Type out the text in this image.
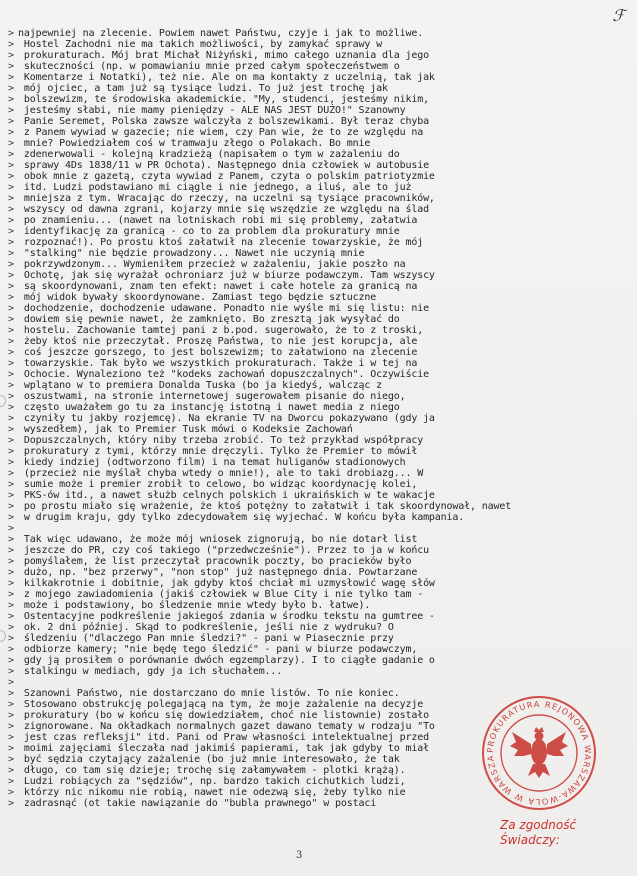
ℱ
> najpewniej na zlecenie. Powiem nawet Państwu, czyje i jak to możliwe.
> Hostel Zachodni nie ma takich możliwości, by zamykać sprawy w
> prokuraturach. Mój brat Michał Niżyński, mimo całego uznania dla jego
> skuteczności (np. w pomawianiu mnie przed całym społeczeństwem o
> Komentarze i Notatki), też nie. Ale on ma kontakty z uczelnią, tak jak
> mój ojciec, a tam już są tysiące ludzi. To już jest trochę jak
> bolszewizm, te środowiska akademickie. "My, studenci, jesteśmy nikim,
> jesteśmy słabi, nie mamy pieniędzy - ALE NAS JEST DUŻO!" Szanowny
> Panie Seremet, Polska zawsze walczyła z bolszewikami. Był teraz chyba
> z Panem wywiad w gazecie; nie wiem, czy Pan wie, że to ze względu na
> mnie? Powiedziałem coś w tramwaju złego o Polakach. Bo mnie
> zdenerwowali - kolejną kradzieżą (napisałem o tym w zażaleniu do
> sprawy 4Ds 1838/11 w PR Ochota). Następnego dnia człowiek w autobusie
> obok mnie z gazetą, czyta wywiad z Panem, czyta o polskim patriotyzmie
> itd. Ludzi podstawiano mi ciągle i nie jednego, a iluś, ale to już
> mniejsza z tym. Wracając do rzeczy, na uczelni są tysiące pracowników,
> wszyscy od dawna zgrani, kojarzy mnie się wszędzie ze względu na ślad
> po znamieniu... (nawet na lotniskach robi mi się problemy, załatwia
> identyfikację za granicą - co to za problem dla prokuratury mnie
> rozpoznać!). Po prostu ktoś załatwił na zlecenie towarzyskie, że mój
> "stalking" nie będzie prowadzony... Nawet nie uczynią mnie
> pokrzywdzonym... Wymieniłem przecież w zażaleniu, jakie poszło na
> Ochotę, jak się wyrażał ochroniarz już w biurze podawczym. Tam wszyscy
> są skoordynowani, znam ten efekt: nawet i całe hotele za granicą na
> mój widok bywały skoordynowane. Zamiast tego będzie sztuczne
> dochodzenie, dochodzenie udawane. Ponadto nie wyśle mi się listu: nie
> dowiem się pewnie nawet, że zamknięto. Bo zresztą jak wysyłać do
> hostelu. Zachowanie tamtej pani z b.pod. sugerowało, że to z troski,
> żeby ktoś nie przeczytał. Proszę Państwa, to nie jest korupcja, ale
> coś jeszcze gorszego, to jest bolszewizm; to załatwiono na zlecenie
> towarzyskie. Tak było we wszystkich prokuraturach. Także i w tej na
> Ochocie. Wynaleziono też "kodeks zachowań dopuszczalnych". Oczywiście
> wplątano w to premiera Donalda Tuska (bo ja kiedyś, walcząc z
> oszustwami, na stronie internetowej sugerowałem pisanie do niego,
> często uważałem go tu za instancję istotną i nawet media z niego
> czyniły tu jakby rozjemcę). Na ekranie TV na Dworcu pokazywano (gdy ja
> wyszedłem), jak to Premier Tusk mówi o Kodeksie Zachowań
> Dopuszczalnych, który niby trzeba zrobić. To też przykład współpracy
> prokuratury z tymi, którzy mnie dręczyli. Tylko że Premier to mówił
> kiedy indziej (odtworzono film) i na temat huliganów stadionowych
> (przecież nie myślał chyba wtedy o mnie!), ale to taki drobiazg... W
> sumie może i premier zrobił to celowo, bo widząc koordynację kolei,
> PKS-ów itd., a nawet służb celnych polskich i ukraińskich w te wakacje
> po prostu miało się wrażenie, że ktoś potężny to załatwił i tak skoordynował, nawet
> w drugim kraju, gdy tylko zdecydowałem się wyjechać. W końcu była kampania.
>
> Tak więc udawano, że może mój wniosek zignorują, bo nie dotarł list
> jeszcze do PR, czy coś takiego ("przedwcześnie"). Przez to ja w końcu
> pomyślałem, że list przeczytał pracownik poczty, bo pracieków było
> dużo, np. "bez przerwy", "non stop" już następnego dnia. Powtarzane
> kilkakrotnie i dobitnie, jak gdyby ktoś chciał mi uzmysłowić wagę słów
> z mojego zawiadomienia (jakiś człowiek w Blue City i nie tylko tam -
> może i podstawiony, bo śledzenie mnie wtedy było b. łatwe).
> Ostentacyjne podkreślenie jakiegoś zdania w środku tekstu na gumtree -
> ok. 2 dni później. Skąd to podkreślenie, jeśli nie z wydruku? O
> śledzeniu ("dlaczego Pan mnie śledzi?" - pani w Piasecznie przy
> odbiorze kamery; "nie będę tego śledzić" - pani w biurze podawczym,
> gdy ją prosiłem o porównanie dwóch egzemplarzy). I to ciągłe gadanie o
> stalkingu w mediach, gdy ja ich słuchałem...
>
> Szanowni Państwo, nie dostarczano do mnie listów. To nie koniec.
> Stosowano obstrukcję polegającą na tym, że moje zażalenie na decyzje
> prokuratury (bo w końcu się dowiedziałem, choć nie listownie) zostało
> zignorowane. Na okładkach normalnych gazet dawano tematy w rodzaju "To
> jest czas refleksji" itd. Pani od Praw własności intelektualnej przed
> moimi zajęciami śleczała nad jakimiś papierami, tak jak gdyby to miał
> być sędzia czytający zażalenie (bo już mnie interesowało, że tak
> długo, co tam się dzieje; trochę się załamywałem - plotki krążą).
> Ludzi robiących za "sędziów", np. bardzo takich cichutkich ludzi,
> którzy nic nikomu nie robią, nawet nie odezwą się, żeby tylko nie
> zadrasnąć (ot takie nawiązanie do "bubla prawnego" w postaci
PROKURATURA REJONOWA WARSZAWA-WOLA W WARSZA
Za zgodność
Świadczy:
3
